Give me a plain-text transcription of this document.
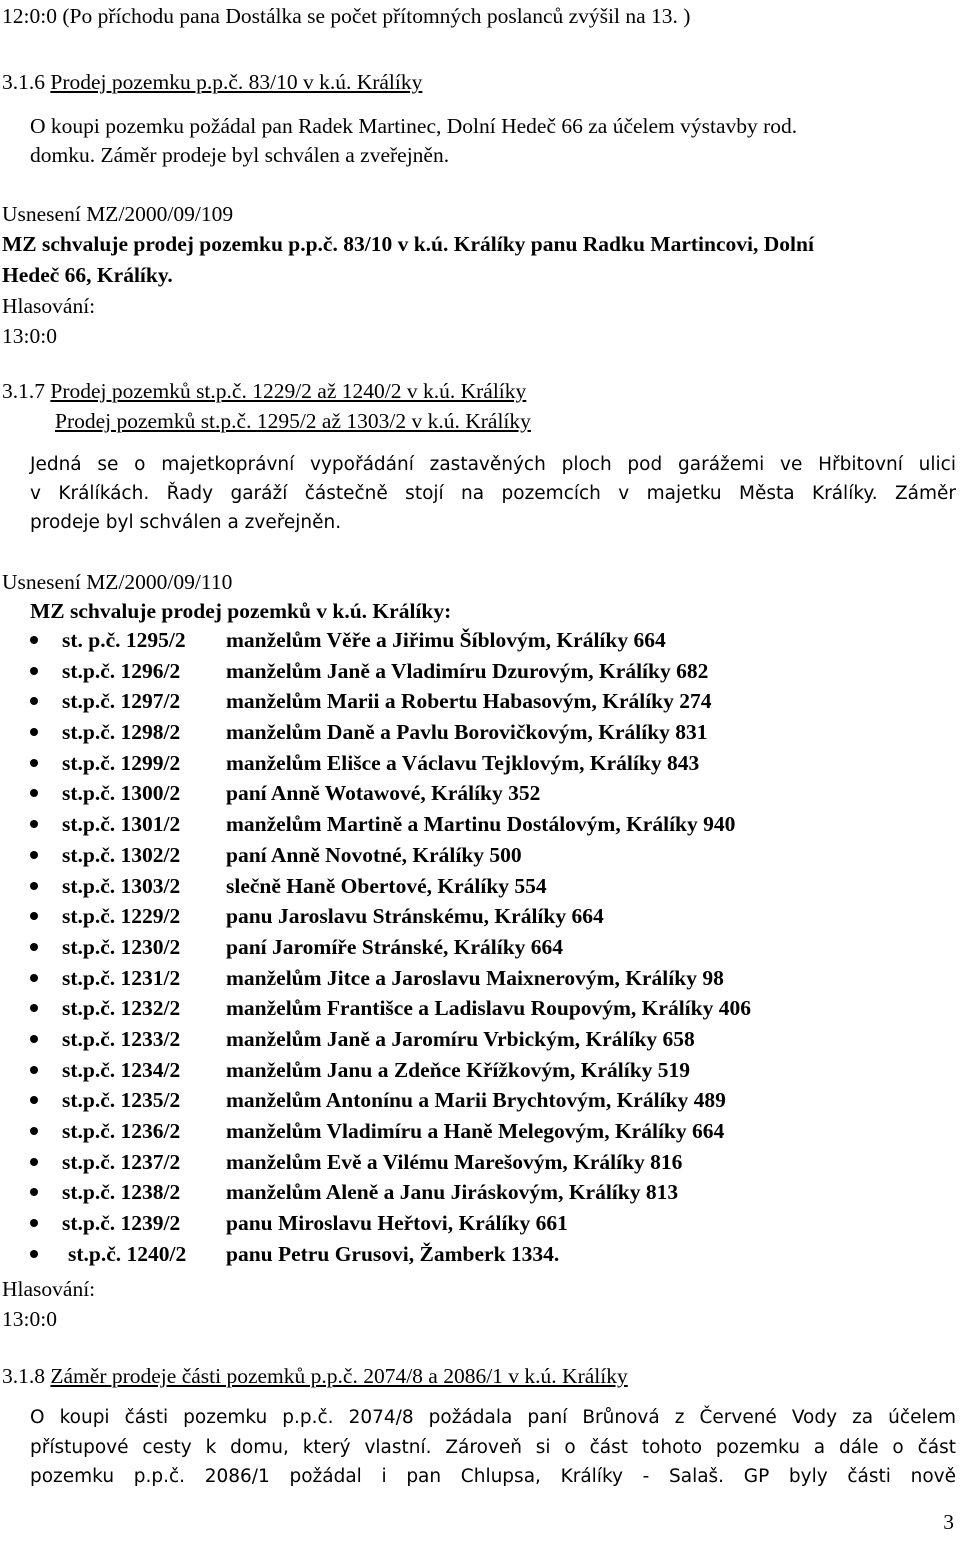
12:0:0 (Po příchodu pana Dostálka se počet přítomných poslanců zvýšil na 13. )
3.1.6 Prodej pozemku p.p.č. 83/10 v k.ú. Králíky
O koupi pozemku požádal pan Radek Martinec, Dolní Hedeč 66 za účelem výstavby rod.
domku. Záměr prodeje byl schválen a zveřejněn.
Usnesení MZ/2000/09/109
MZ schvaluje prodej pozemku p.p.č. 83/10 v k.ú. Králíky panu Radku Martincovi, Dolní
Hedeč 66, Králíky.
Hlasování:
13:0:0
3.1.7 Prodej pozemků st.p.č. 1229/2 až 1240/2 v k.ú. Králíky
Prodej pozemků st.p.č. 1295/2 až 1303/2 v k.ú. Králíky
Jedná se o majetkoprávní vypořádání zastavěných ploch pod garážemi ve Hřbitovní ulici
v Králíkách. Řady garáží částečně stojí na pozemcích v majetku Města Králíky. Záměr
prodeje byl schválen a zveřejněn.
Usnesení MZ/2000/09/110
MZ schvaluje prodej pozemků v k.ú. Králíky:
st. p.č. 1295/2 manželům Věře a Jiřimu Šíblovým, Králíky 664
st.p.č. 1296/2 manželům Janě a Vladimíru Dzurovým, Králíky 682
st.p.č. 1297/2 manželům Marii a Robertu Habasovým, Králíky 274
st.p.č. 1298/2 manželům Daně a Pavlu Borovičkovým, Králíky 831
st.p.č. 1299/2 manželům Elišce a Václavu Tejklovým, Králíky 843
st.p.č. 1300/2 paní Anně Wotawové, Králíky 352
st.p.č. 1301/2 manželům Martině a Martinu Dostálovým, Králíky 940
st.p.č. 1302/2 paní Anně Novotné, Králíky 500
st.p.č. 1303/2 slečně Haně Obertové, Králíky 554
st.p.č. 1229/2 panu Jaroslavu Stránskému, Králíky 664
st.p.č. 1230/2 paní Jaromíře Stránské, Králíky 664
st.p.č. 1231/2 manželům Jitce a Jaroslavu Maixnerovým, Králíky 98
st.p.č. 1232/2 manželům Františce a Ladislavu Roupovým, Králíky 406
st.p.č. 1233/2 manželům Janě a Jaromíru Vrbickým, Králíky 658
st.p.č. 1234/2 manželům Janu a Zdeňce Křížkovým, Králíky 519
st.p.č. 1235/2 manželům Antonínu a Marii Brychtovým, Králíky 489
st.p.č. 1236/2 manželům Vladimíru a Haně Melegovým, Králíky 664
st.p.č. 1237/2 manželům Evě a Vilému Marešovým, Králíky 816
st.p.č. 1238/2 manželům Aleně a Janu Jiráskovým, Králíky 813
st.p.č. 1239/2 panu Miroslavu Heřtovi, Králíky 661
st.p.č. 1240/2 panu Petru Grusovi, Žamberk 1334.
Hlasování:
13:0:0
3.1.8 Záměr prodeje části pozemků p.p.č. 2074/8 a 2086/1 v k.ú. Králíky
O koupi části pozemku p.p.č. 2074/8 požádala paní Brůnová z Červené Vody za účelem
přístupové cesty k domu, který vlastní. Zároveň si o část tohoto pozemku a dále o část
pozemku p.p.č. 2086/1 požádal i pan Chlupsa, Králíky - Salaš. GP byly části nově
3
